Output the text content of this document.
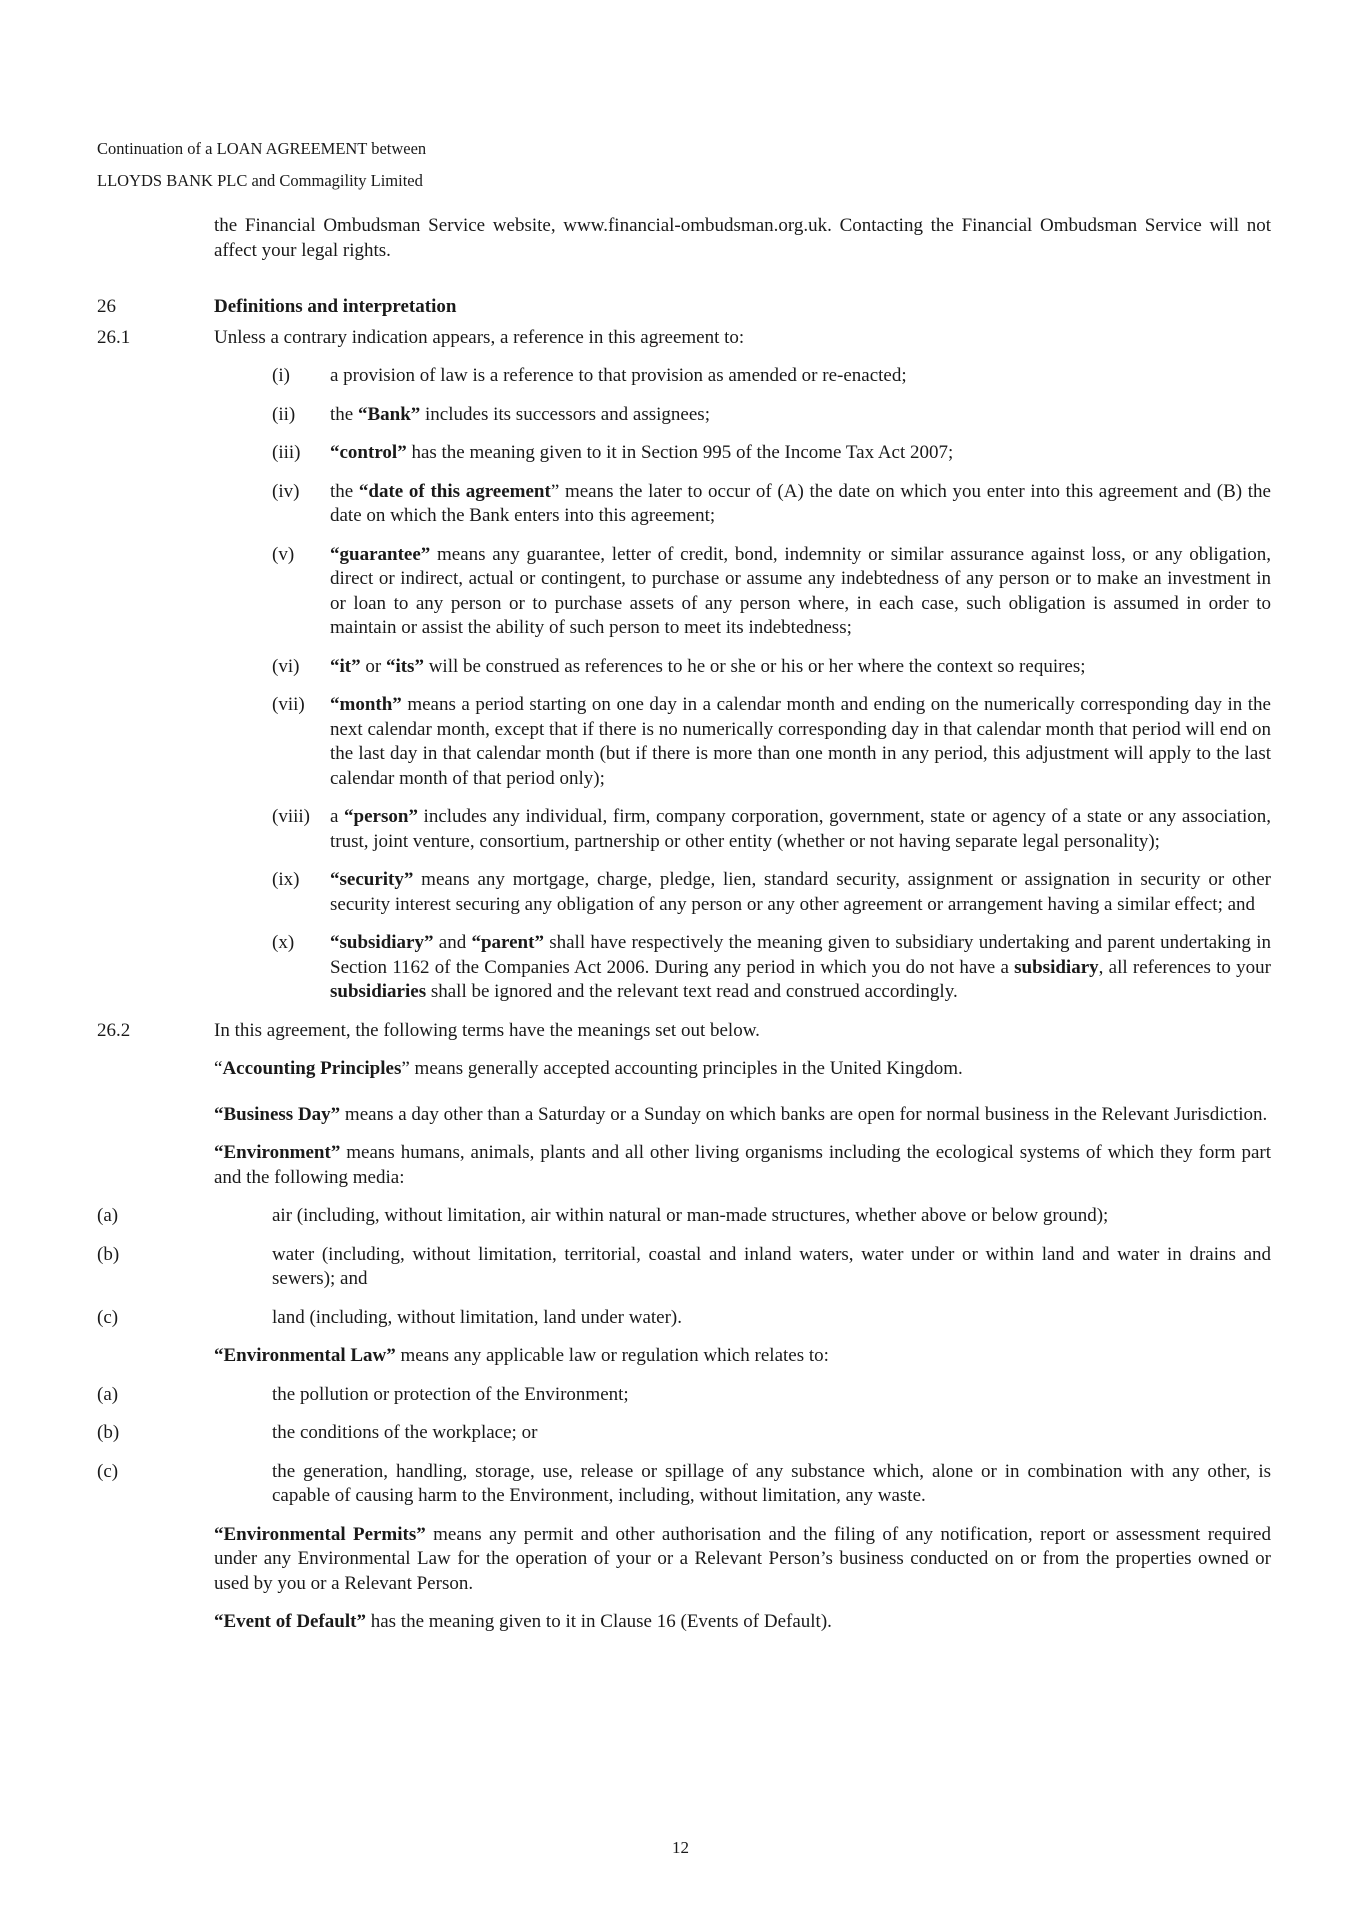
Continuation of a LOAN AGREEMENT between
LLOYDS BANK PLC and Commagility Limited
the Financial Ombudsman Service website, www.financial-ombudsman.org.uk. Contacting the Financial Ombudsman Service will not affect your legal rights.
26	Definitions and interpretation
26.1	Unless a contrary indication appears, a reference in this agreement to:
(i)	a provision of law is a reference to that provision as amended or re-enacted;
(ii)	the “Bank” includes its successors and assignees;
(iii)	“control” has the meaning given to it in Section 995 of the Income Tax Act 2007;
(iv)	the “date of this agreement” means the later to occur of (A) the date on which you enter into this agreement and (B) the date on which the Bank enters into this agreement;
(v)	“guarantee” means any guarantee, letter of credit, bond, indemnity or similar assurance against loss, or any obligation, direct or indirect, actual or contingent, to purchase or assume any indebtedness of any person or to make an investment in or loan to any person or to purchase assets of any person where, in each case, such obligation is assumed in order to maintain or assist the ability of such person to meet its indebtedness;
(vi)	“it” or “its” will be construed as references to he or she or his or her where the context so requires;
(vii)	“month” means a period starting on one day in a calendar month and ending on the numerically corresponding day in the next calendar month, except that if there is no numerically corresponding day in that calendar month that period will end on the last day in that calendar month (but if there is more than one month in any period, this adjustment will apply to the last calendar month of that period only);
(viii)	a “person” includes any individual, firm, company corporation, government, state or agency of a state or any association, trust, joint venture, consortium, partnership or other entity (whether or not having separate legal personality);
(ix)	“security” means any mortgage, charge, pledge, lien, standard security, assignment or assignation in security or other security interest securing any obligation of any person or any other agreement or arrangement having a similar effect; and
(x)	“subsidiary” and “parent” shall have respectively the meaning given to subsidiary undertaking and parent undertaking in Section 1162 of the Companies Act 2006. During any period in which you do not have a subsidiary, all references to your subsidiaries shall be ignored and the relevant text read and construed accordingly.
26.2	In this agreement, the following terms have the meanings set out below.
“Accounting Principles” means generally accepted accounting principles in the United Kingdom.
“Business Day” means a day other than a Saturday or a Sunday on which banks are open for normal business in the Relevant Jurisdiction.
“Environment” means humans, animals, plants and all other living organisms including the ecological systems of which they form part and the following media:
(a)	air (including, without limitation, air within natural or man-made structures, whether above or below ground);
(b)	water (including, without limitation, territorial, coastal and inland waters, water under or within land and water in drains and sewers); and
(c)	land (including, without limitation, land under water).
“Environmental Law” means any applicable law or regulation which relates to:
(a)	the pollution or protection of the Environment;
(b)	the conditions of the workplace; or
(c)	the generation, handling, storage, use, release or spillage of any substance which, alone or in combination with any other, is capable of causing harm to the Environment, including, without limitation, any waste.
“Environmental Permits” means any permit and other authorisation and the filing of any notification, report or assessment required under any Environmental Law for the operation of your or a Relevant Person’s business conducted on or from the properties owned or used by you or a Relevant Person.
“Event of Default” has the meaning given to it in Clause 16 (Events of Default).
12
